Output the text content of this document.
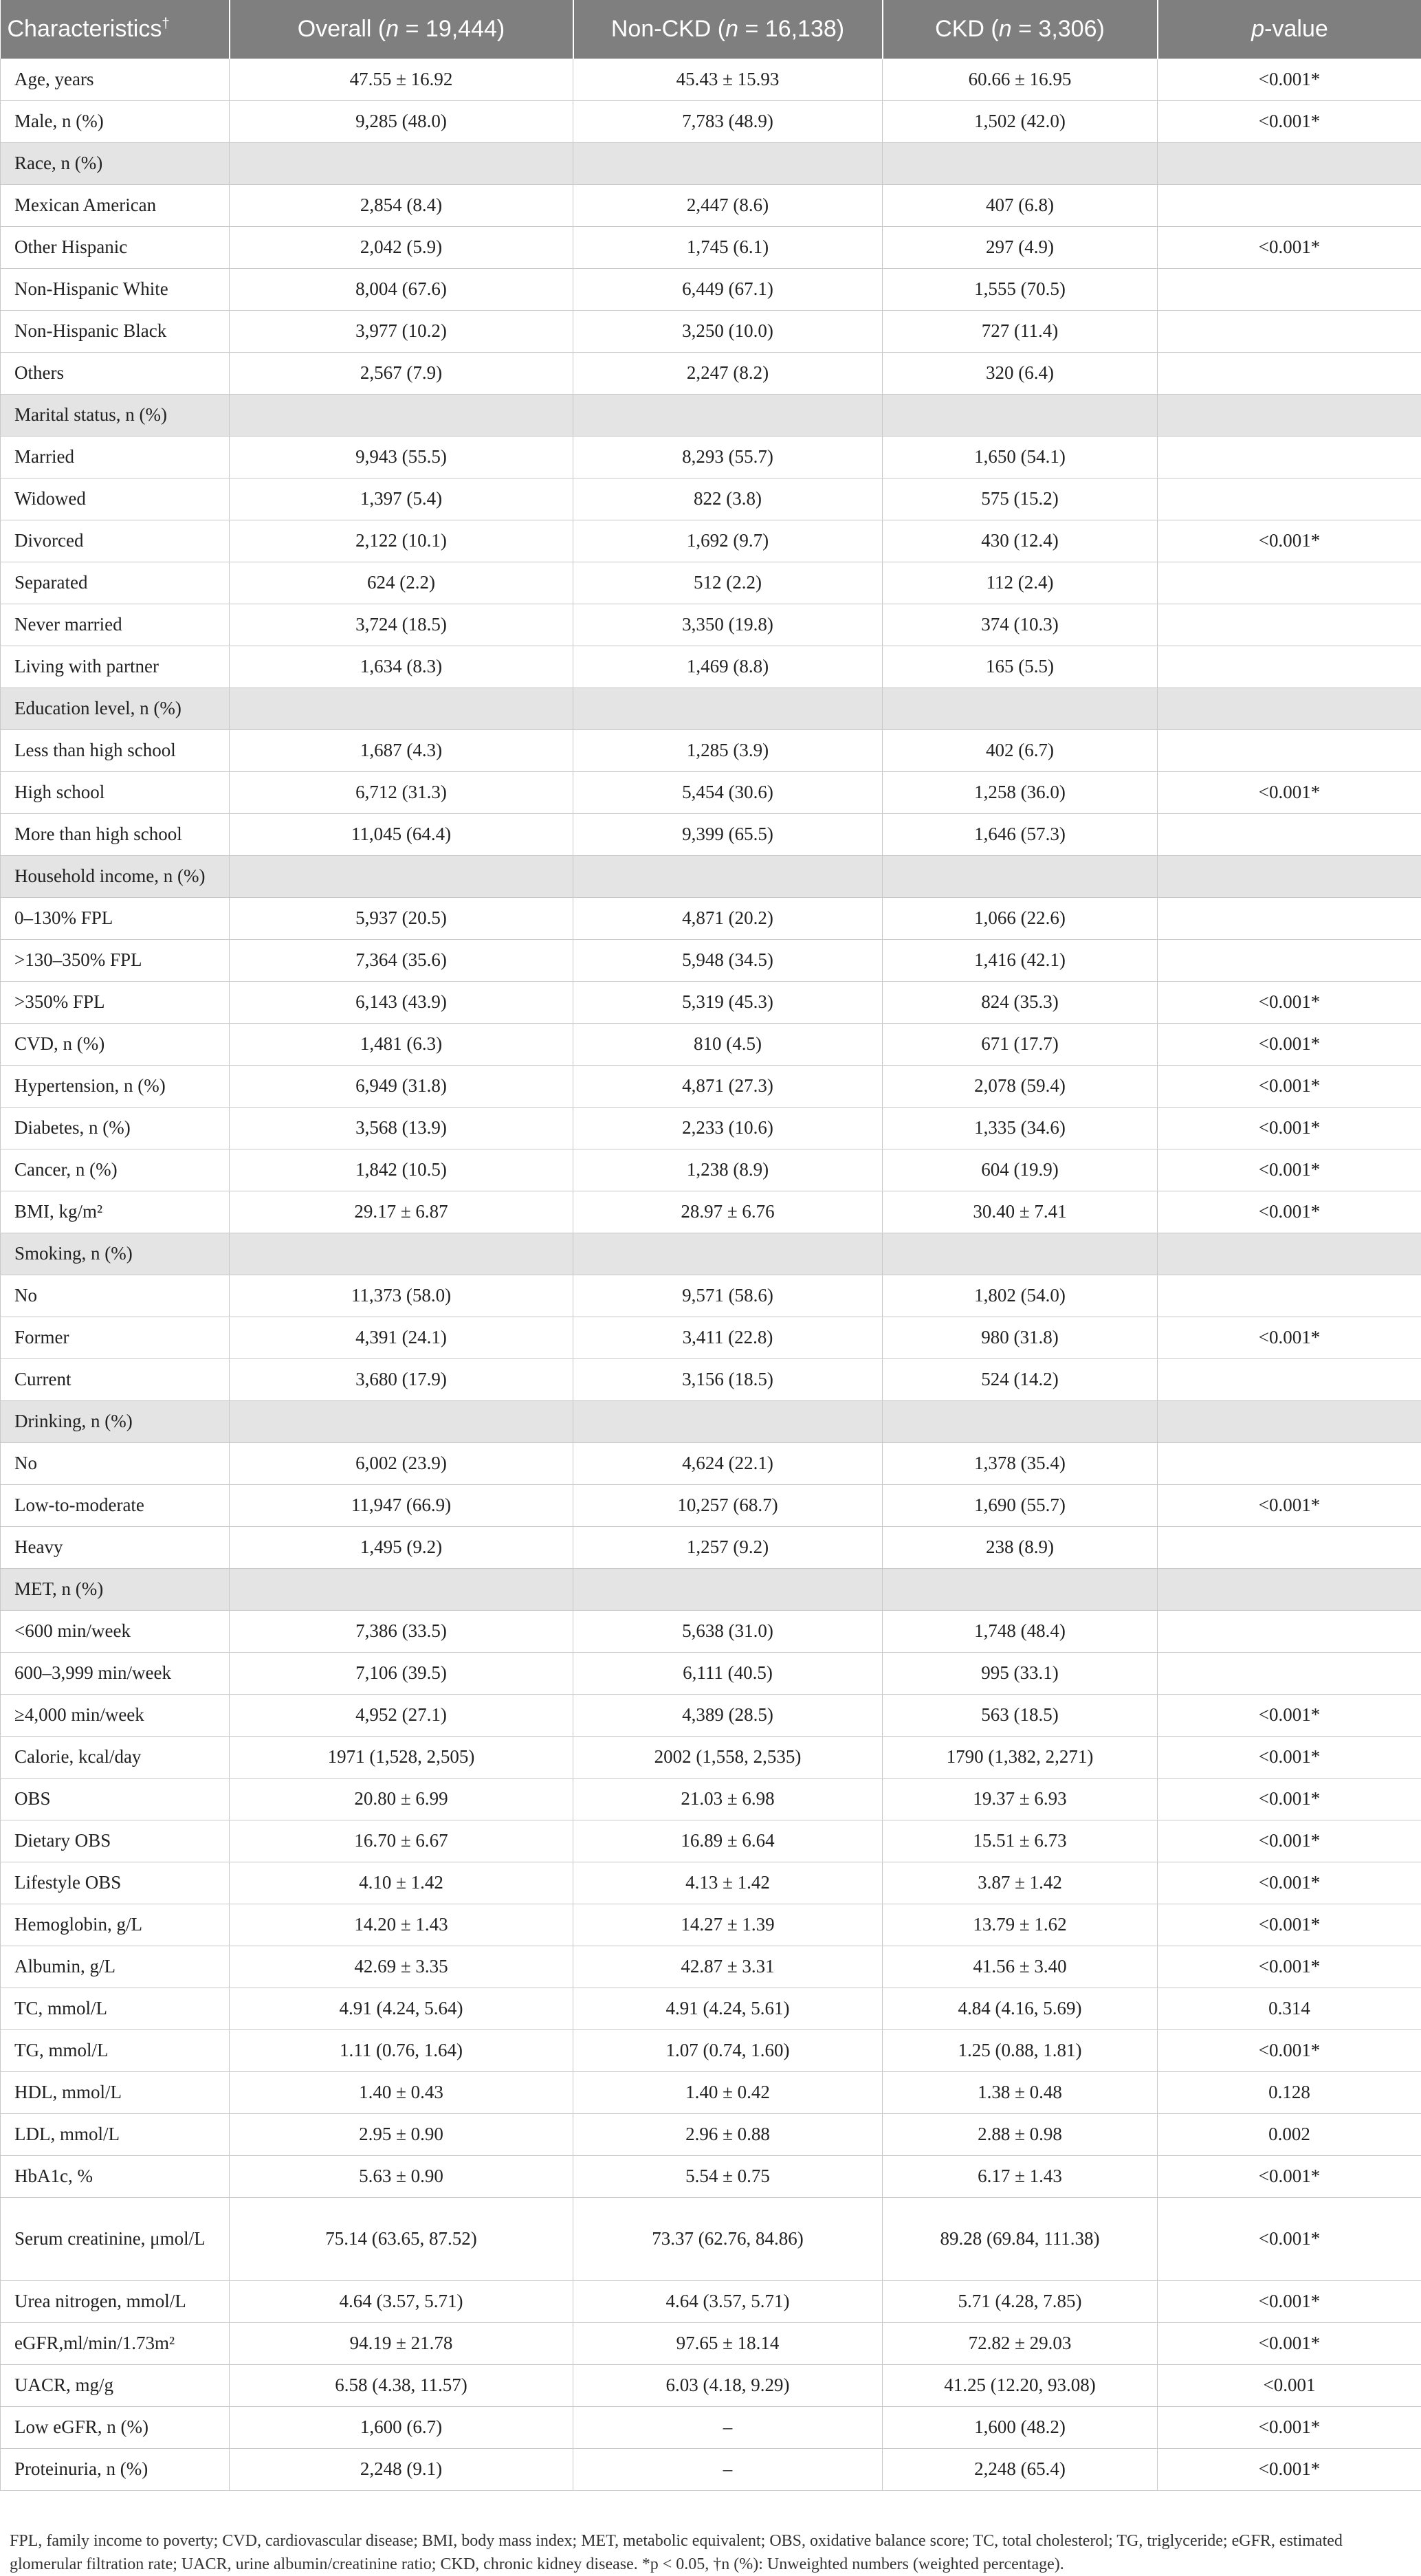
Characteristics†	Overall (n = 19,444)	Non-CKD (n = 16,138)	CKD (n = 3,306)	p-value
Age, years	47.55 ± 16.92	45.43 ± 15.93	60.66 ± 16.95	<0.001*
Male, n (%)	9,285 (48.0)	7,783 (48.9)	1,502 (42.0)	<0.001*
Race, n (%)				
Mexican American	2,854 (8.4)	2,447 (8.6)	407 (6.8)	
Other Hispanic	2,042 (5.9)	1,745 (6.1)	297 (4.9)	<0.001*
Non-Hispanic White	8,004 (67.6)	6,449 (67.1)	1,555 (70.5)	
Non-Hispanic Black	3,977 (10.2)	3,250 (10.0)	727 (11.4)	
Others	2,567 (7.9)	2,247 (8.2)	320 (6.4)	
Marital status, n (%)				
Married	9,943 (55.5)	8,293 (55.7)	1,650 (54.1)	
Widowed	1,397 (5.4)	822 (3.8)	575 (15.2)	
Divorced	2,122 (10.1)	1,692 (9.7)	430 (12.4)	<0.001*
Separated	624 (2.2)	512 (2.2)	112 (2.4)	
Never married	3,724 (18.5)	3,350 (19.8)	374 (10.3)	
Living with partner	1,634 (8.3)	1,469 (8.8)	165 (5.5)	
Education level, n (%)				
Less than high school	1,687 (4.3)	1,285 (3.9)	402 (6.7)	
High school	6,712 (31.3)	5,454 (30.6)	1,258 (36.0)	<0.001*
More than high school	11,045 (64.4)	9,399 (65.5)	1,646 (57.3)	
Household income, n (%)				
0–130% FPL	5,937 (20.5)	4,871 (20.2)	1,066 (22.6)	
>130–350% FPL	7,364 (35.6)	5,948 (34.5)	1,416 (42.1)	
>350% FPL	6,143 (43.9)	5,319 (45.3)	824 (35.3)	<0.001*
CVD, n (%)	1,481 (6.3)	810 (4.5)	671 (17.7)	<0.001*
Hypertension, n (%)	6,949 (31.8)	4,871 (27.3)	2,078 (59.4)	<0.001*
Diabetes, n (%)	3,568 (13.9)	2,233 (10.6)	1,335 (34.6)	<0.001*
Cancer, n (%)	1,842 (10.5)	1,238 (8.9)	604 (19.9)	<0.001*
BMI, kg/m²	29.17 ± 6.87	28.97 ± 6.76	30.40 ± 7.41	<0.001*
Smoking, n (%)				
No	11,373 (58.0)	9,571 (58.6)	1,802 (54.0)	
Former	4,391 (24.1)	3,411 (22.8)	980 (31.8)	<0.001*
Current	3,680 (17.9)	3,156 (18.5)	524 (14.2)	
Drinking, n (%)				
No	6,002 (23.9)	4,624 (22.1)	1,378 (35.4)	
Low-to-moderate	11,947 (66.9)	10,257 (68.7)	1,690 (55.7)	<0.001*
Heavy	1,495 (9.2)	1,257 (9.2)	238 (8.9)	
MET, n (%)				
<600 min/week	7,386 (33.5)	5,638 (31.0)	1,748 (48.4)	
600–3,999 min/week	7,106 (39.5)	6,111 (40.5)	995 (33.1)	
≥4,000 min/week	4,952 (27.1)	4,389 (28.5)	563 (18.5)	<0.001*
Calorie, kcal/day	1971 (1,528, 2,505)	2002 (1,558, 2,535)	1790 (1,382, 2,271)	<0.001*
OBS	20.80 ± 6.99	21.03 ± 6.98	19.37 ± 6.93	<0.001*
Dietary OBS	16.70 ± 6.67	16.89 ± 6.64	15.51 ± 6.73	<0.001*
Lifestyle OBS	4.10 ± 1.42	4.13 ± 1.42	3.87 ± 1.42	<0.001*
Hemoglobin, g/L	14.20 ± 1.43	14.27 ± 1.39	13.79 ± 1.62	<0.001*
Albumin, g/L	42.69 ± 3.35	42.87 ± 3.31	41.56 ± 3.40	<0.001*
TC, mmol/L	4.91 (4.24, 5.64)	4.91 (4.24, 5.61)	4.84 (4.16, 5.69)	0.314
TG, mmol/L	1.11 (0.76, 1.64)	1.07 (0.74, 1.60)	1.25 (0.88, 1.81)	<0.001*
HDL, mmol/L	1.40 ± 0.43	1.40 ± 0.42	1.38 ± 0.48	0.128
LDL, mmol/L	2.95 ± 0.90	2.96 ± 0.88	2.88 ± 0.98	0.002
HbA1c, %	5.63 ± 0.90	5.54 ± 0.75	6.17 ± 1.43	<0.001*
Serum creatinine, μmol/L	75.14 (63.65, 87.52)	73.37 (62.76, 84.86)	89.28 (69.84, 111.38)	<0.001*
Urea nitrogen, mmol/L	4.64 (3.57, 5.71)	4.64 (3.57, 5.71)	5.71 (4.28, 7.85)	<0.001*
eGFR,ml/min/1.73m²	94.19 ± 21.78	97.65 ± 18.14	72.82 ± 29.03	<0.001*
UACR, mg/g	6.58 (4.38, 11.57)	6.03 (4.18, 9.29)	41.25 (12.20, 93.08)	<0.001
Low eGFR, n (%)	1,600 (6.7)	–	1,600 (48.2)	<0.001*
Proteinuria, n (%)	2,248 (9.1)	–	2,248 (65.4)	<0.001*
FPL, family income to poverty; CVD, cardiovascular disease; BMI, body mass index; MET, metabolic equivalent; OBS, oxidative balance score; TC, total cholesterol; TG, triglyceride; eGFR, estimated glomerular filtration rate; UACR, urine albumin/creatinine ratio; CKD, chronic kidney disease. *p < 0.05, †n (%): Unweighted numbers (weighted percentage).
